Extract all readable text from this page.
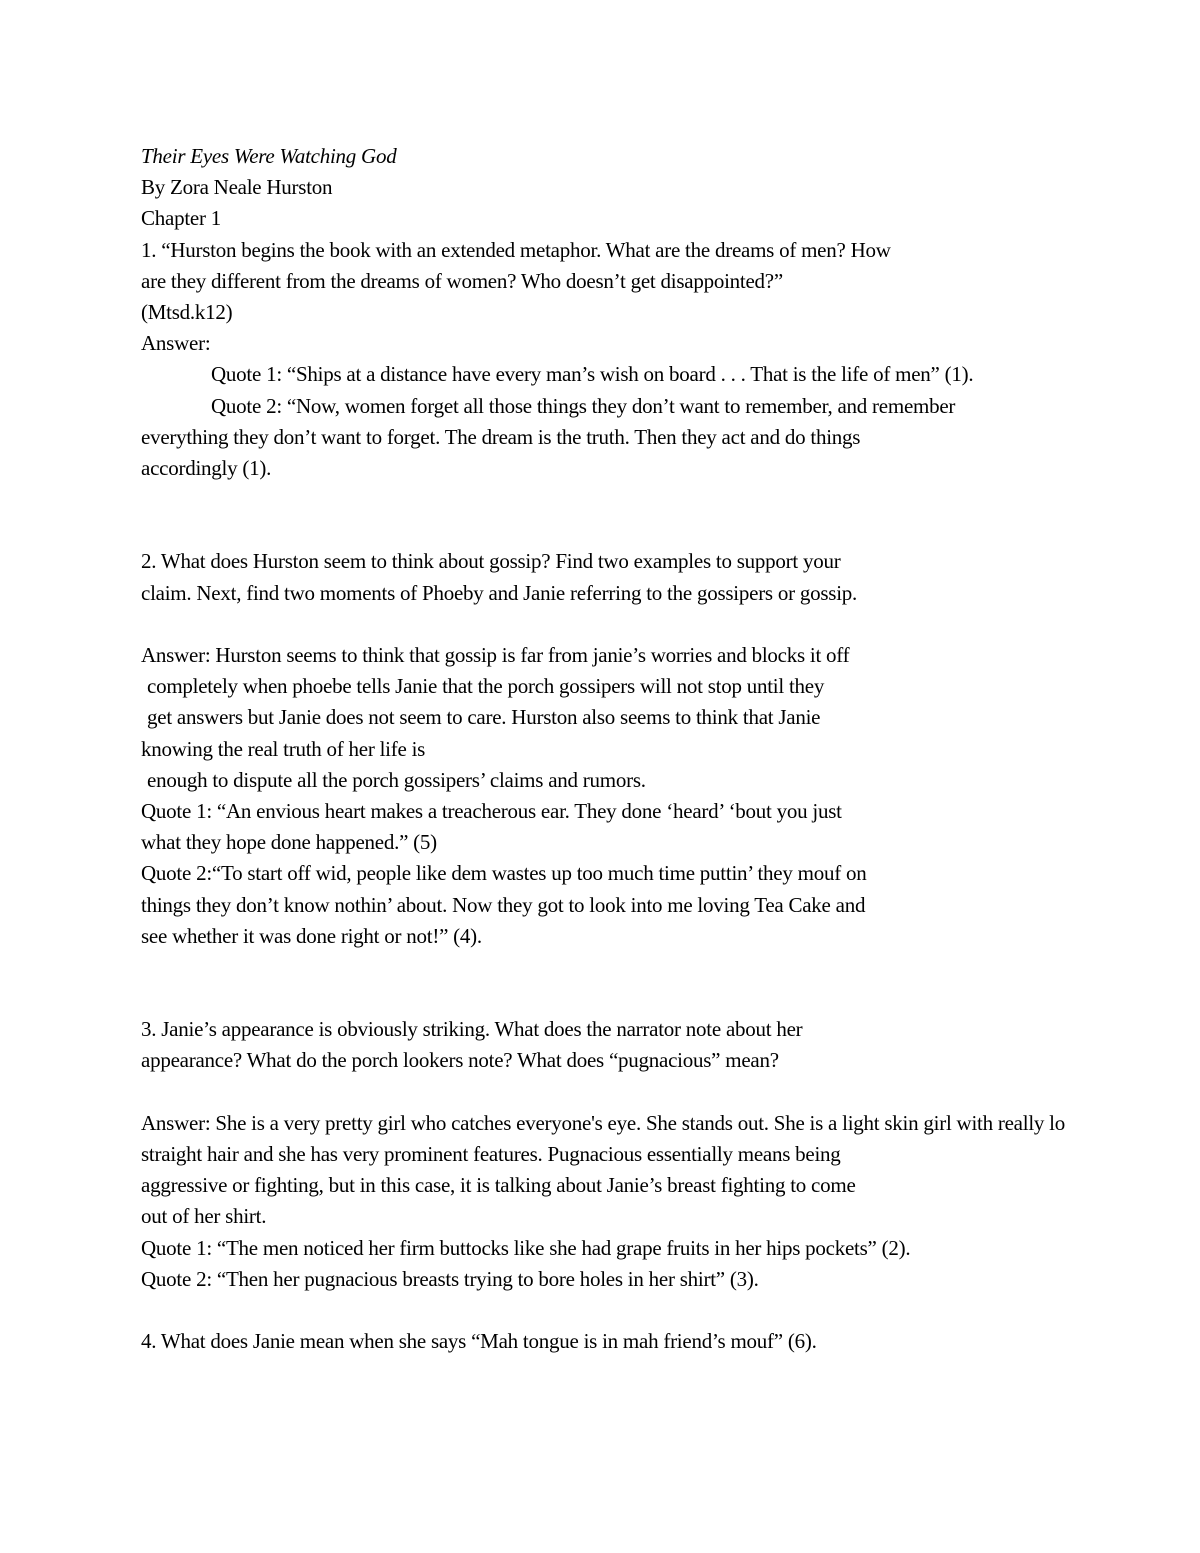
Their Eyes Were Watching God
By Zora Neale Hurston
Chapter 1
1. “Hurston begins the book with an extended metaphor. What are the dreams of men? How
are they different from the dreams of women? Who doesn’t get disappointed?”
(Mtsd.k12)
Answer:
Quote 1: “Ships at a distance have every man’s wish on board . . . That is the life of men” (1).
Quote 2: “Now, women forget all those things they don’t want to remember, and remember
everything they don’t want to forget. The dream is the truth. Then they act and do things
accordingly (1).
2. What does Hurston seem to think about gossip? Find two examples to support your
claim. Next, find two moments of Phoeby and Janie referring to the gossipers or gossip.
Answer: Hurston seems to think that gossip is far from janie’s worries and blocks it off
completely when phoebe tells Janie that the porch gossipers will not stop until they
get answers but Janie does not seem to care. Hurston also seems to think that Janie
knowing the real truth of her life is
enough to dispute all the porch gossipers’ claims and rumors.
Quote 1: “An envious heart makes a treacherous ear. They done ‘heard’ ‘bout you just
what they hope done happened.” (5)
Quote 2:“To start off wid, people like dem wastes up too much time puttin’ they mouf on
things they don’t know nothin’ about. Now they got to look into me loving Tea Cake and
see whether it was done right or not!” (4).
3. Janie’s appearance is obviously striking. What does the narrator note about her
appearance? What do the porch lookers note? What does “pugnacious” mean?
Answer: She is a very pretty girl who catches everyone's eye. She stands out. She is a light skin girl with really lo
straight hair and she has very prominent features. Pugnacious essentially means being
aggressive or fighting, but in this case, it is talking about Janie’s breast fighting to come
out of her shirt.
Quote 1: “The men noticed her firm buttocks like she had grape fruits in her hips pockets” (2).
Quote 2: “Then her pugnacious breasts trying to bore holes in her shirt” (3).
4. What does Janie mean when she says “Mah tongue is in mah friend’s mouf” (6).
